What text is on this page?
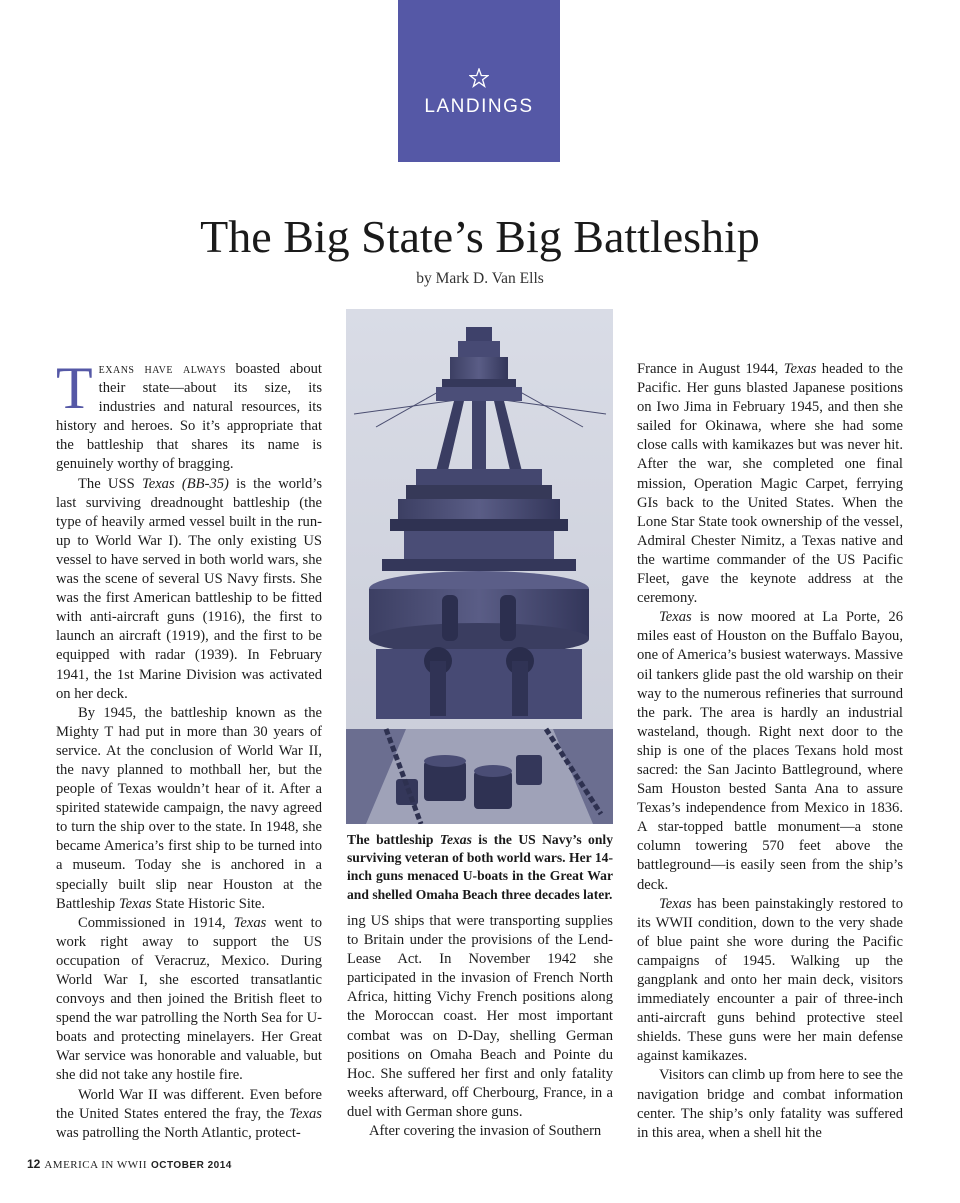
LANDINGS
The Big State’s Big Battleship
by Mark D. Van Ells

Texans have always boasted about their state—about its size, its industries and natural resources, its history and heroes. So it’s appropriate that the battleship that shares its name is genuinely worthy of bragging.

The USS Texas (BB-35) is the world’s last surviving dreadnought battleship (the type of heavily armed vessel built in the run-up to World War I). The only existing US vessel to have served in both world wars, she was the scene of several US Navy firsts. She was the first American battleship to be fitted with anti-aircraft guns (1916), the first to launch an aircraft (1919), and the first to be equipped with radar (1939). In February 1941, the 1st Marine Division was activated on her deck.

By 1945, the battleship known as the Mighty T had put in more than 30 years of service. At the conclusion of World War II, the navy planned to mothball her, but the people of Texas wouldn’t hear of it. After a spirited statewide campaign, the navy agreed to turn the ship over to the state. In 1948, she became America’s first ship to be turned into a museum. Today she is anchored in a specially built slip near Houston at the Battleship Texas State Historic Site.

Commissioned in 1914, Texas went to work right away to support the US occupation of Veracruz, Mexico. During World War I, she escorted transatlantic convoys and then joined the British fleet to spend the war patrolling the North Sea for U-boats and protecting minelayers. Her Great War service was honorable and valuable, but she did not take any hostile fire.

World War II was different. Even before the United States entered the fray, the Texas was patrolling the North Atlantic, protect-

The battleship Texas is the US Navy’s only surviving veteran of both world wars. Her 14-inch guns menaced U-boats in the Great War and shelled Omaha Beach three decades later.

ing US ships that were transporting supplies to Britain under the provisions of the Lend-Lease Act. In November 1942 she participated in the invasion of French North Africa, hitting Vichy French positions along the Moroccan coast. Her most important combat was on D-Day, shelling German positions on Omaha Beach and Pointe du Hoc. She suffered her first and only fatality weeks afterward, off Cherbourg, France, in a duel with German shore guns.

After covering the invasion of Southern

France in August 1944, Texas headed to the Pacific. Her guns blasted Japanese positions on Iwo Jima in February 1945, and then she sailed for Okinawa, where she had some close calls with kamikazes but was never hit. After the war, she completed one final mission, Operation Magic Carpet, ferrying GIs back to the United States. When the Lone Star State took ownership of the vessel, Admiral Chester Nimitz, a Texas native and the wartime commander of the US Pacific Fleet, gave the keynote address at the ceremony.

Texas is now moored at La Porte, 26 miles east of Houston on the Buffalo Bayou, one of America’s busiest waterways. Massive oil tankers glide past the old warship on their way to the numerous refineries that surround the park. The area is hardly an industrial wasteland, though. Right next door to the ship is one of the places Texans hold most sacred: the San Jacinto Battleground, where Sam Houston bested Santa Ana to assure Texas’s independence from Mexico in 1836. A star-topped battle monument—a stone column towering 570 feet above the battleground—is easily seen from the ship’s deck.

Texas has been painstakingly restored to its WWII condition, down to the very shade of blue paint she wore during the Pacific campaigns of 1945. Walking up the gangplank and onto her main deck, visitors immediately encounter a pair of three-inch anti-aircraft guns behind protective steel shields. These guns were her main defense against kamikazes.

Visitors can climb up from here to see the navigation bridge and combat information center. The ship’s only fatality was suffered in this area, when a shell hit the

12 AMERICA IN WWII OCTOBER 2014
